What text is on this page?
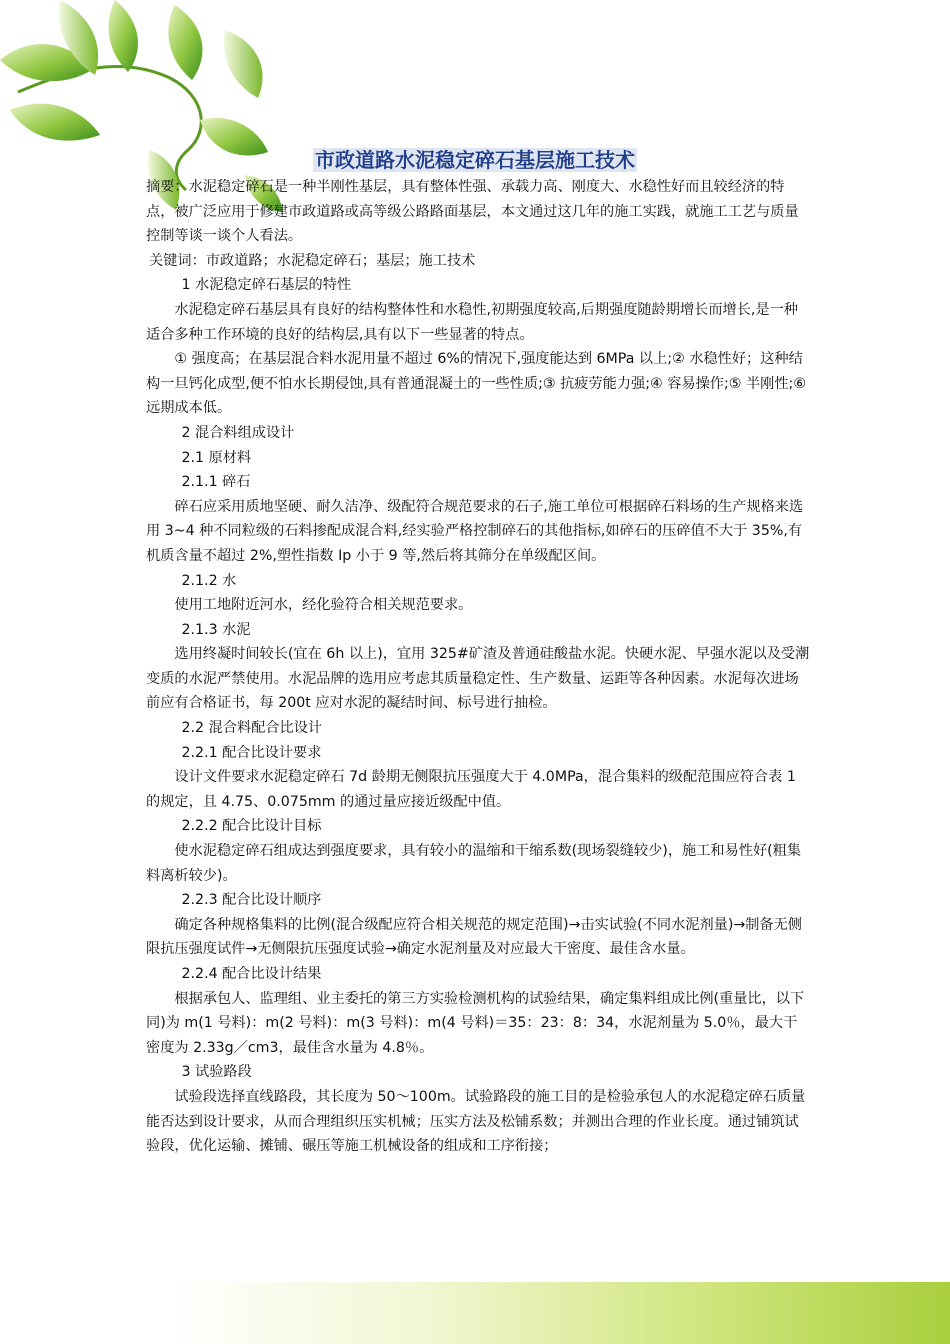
市政道路水泥稳定碎石基层施工技术

摘要：水泥稳定碎石是一种半刚性基层，具有整体性强、承载力高、刚度大、水稳性好而且较经济的特点，被广泛应用于修建市政道路或高等级公路路面基层，本文通过这几年的施工实践，就施工工艺与质量控制等谈一谈个人看法。

关键词：市政道路；水泥稳定碎石；基层；施工技术

1 水泥稳定碎石基层的特性

水泥稳定碎石基层具有良好的结构整体性和水稳性,初期强度较高,后期强度随龄期增长而增长,是一种适合多种工作环境的良好的结构层,具有以下一些显著的特点。

① 强度高；在基层混合料水泥用量不超过 6%的情况下,强度能达到 6MPa 以上;② 水稳性好；这种结构一旦钙化成型,便不怕水长期侵蚀,具有普通混凝土的一些性质;③ 抗疲劳能力强;④ 容易操作;⑤ 半刚性;⑥ 远期成本低。

2 混合料组成设计

2.1 原材料

2.1.1 碎石

碎石应采用质地坚硬、耐久洁净、级配符合规范要求的石子,施工单位可根据碎石料场的生产规格来选用 3~4 种不同粒级的石料掺配成混合料,经实验严格控制碎石的其他指标,如碎石的压碎值不大于 35%,有机质含量不超过 2%,塑性指数 Ip 小于 9 等,然后将其筛分在单级配区间。

2.1.2 水

使用工地附近河水，经化验符合相关规范要求。

2.1.3 水泥

选用终凝时间较长(宜在 6h 以上)，宜用 325#矿渣及普通硅酸盐水泥。快硬水泥、早强水泥以及受潮变质的水泥严禁使用。水泥品牌的选用应考虑其质量稳定性、生产数量、运距等各种因素。水泥每次进场前应有合格证书，每 200t 应对水泥的凝结时间、标号进行抽检。

2.2 混合料配合比设计

2.2.1 配合比设计要求

设计文件要求水泥稳定碎石 7d 龄期无侧限抗压强度大于 4.0MPa，混合集料的级配范围应符合表 1 的规定，且 4.75、0.075mm 的通过量应接近级配中值。

2.2.2 配合比设计目标

使水泥稳定碎石组成达到强度要求，具有较小的温缩和干缩系数(现场裂缝较少)，施工和易性好(粗集料离析较少)。

2.2.3 配合比设计顺序

确定各种规格集料的比例(混合级配应符合相关规范的规定范围)→击实试验(不同水泥剂量)→制备无侧限抗压强度试件→无侧限抗压强度试验→确定水泥剂量及对应最大干密度、最佳含水量。

2.2.4 配合比设计结果

根据承包人、监理组、业主委托的第三方实验检测机构的试验结果，确定集料组成比例(重量比，以下同)为 m(1 号料)：m(2 号料)：m(3 号料)：m(4 号料)＝35：23：8：34，水泥剂量为 5.0％，最大干密度为 2.33g／cm3，最佳含水量为 4.8％。

3 试验路段

试验段选择直线路段，其长度为 50～100m。试验路段的施工目的是检验承包人的水泥稳定碎石质量能否达到设计要求，从而合理组织压实机械；压实方法及松铺系数；并测出合理的作业长度。通过铺筑试验段，优化运输、摊铺、碾压等施工机械设备的组成和工序衔接；
